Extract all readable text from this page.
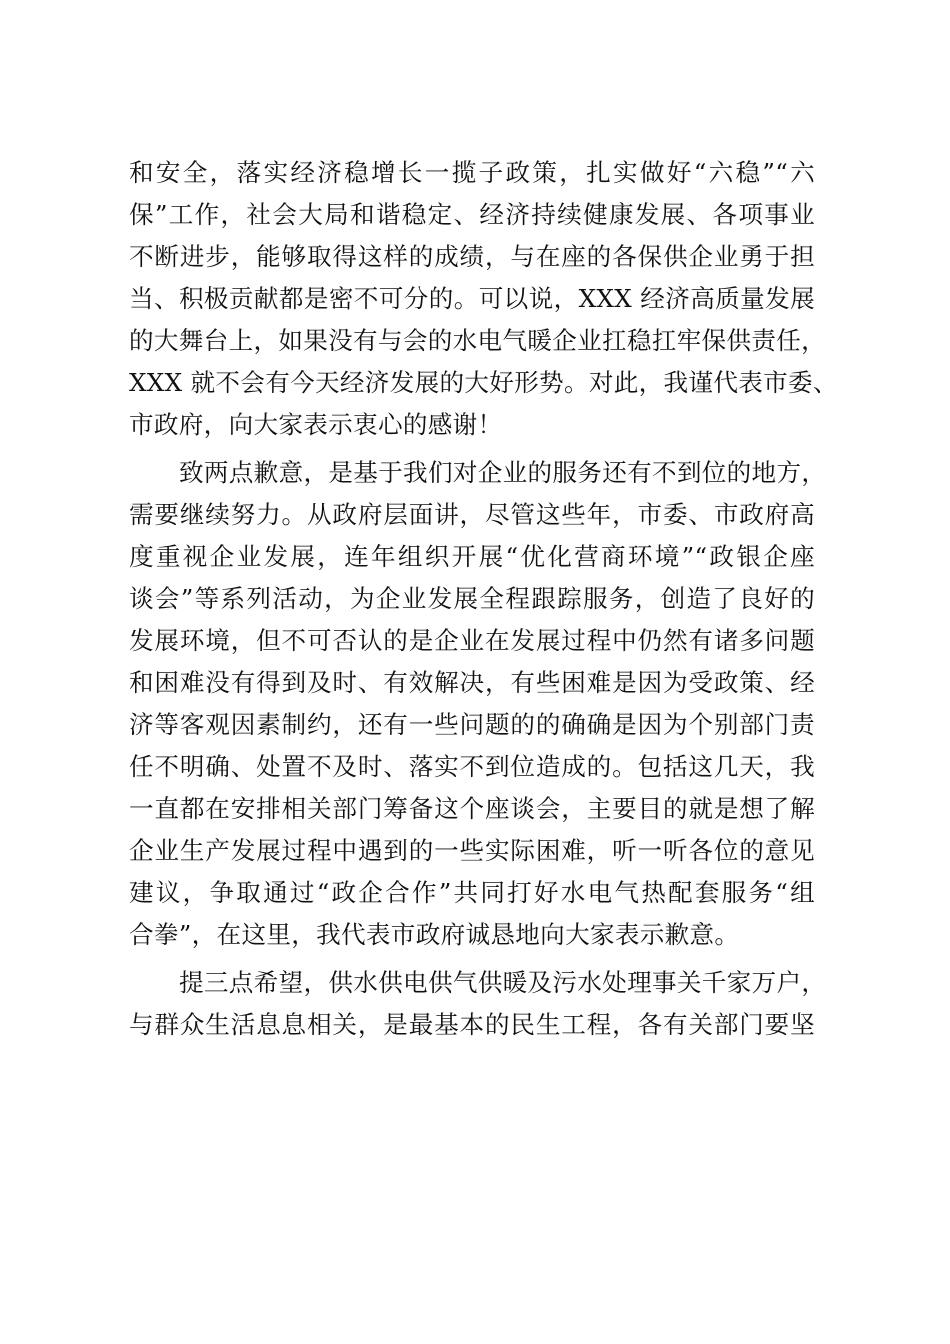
和安全，落实经济稳增长一揽子政策，扎实做好“六稳”“六
保”工作，社会大局和谐稳定、经济持续健康发展、各项事业
不断进步，能够取得这样的成绩，与在座的各保供企业勇于担
当、积极贡献都是密不可分的。可以说，XXX 经济高质量发展
的大舞台上，如果没有与会的水电气暖企业扛稳扛牢保供责任，
XXX 就不会有今天经济发展的大好形势。对此，我谨代表市委、
市政府，向大家表示衷心的感谢！
致两点歉意，是基于我们对企业的服务还有不到位的地方，
需要继续努力。从政府层面讲，尽管这些年，市委、市政府高
度重视企业发展，连年组织开展“优化营商环境”“政银企座
谈会”等系列活动，为企业发展全程跟踪服务，创造了良好的
发展环境，但不可否认的是企业在发展过程中仍然有诸多问题
和困难没有得到及时、有效解决，有些困难是因为受政策、经
济等客观因素制约，还有一些问题的的确确是因为个别部门责
任不明确、处置不及时、落实不到位造成的。包括这几天，我
一直都在安排相关部门筹备这个座谈会，主要目的就是想了解
企业生产发展过程中遇到的一些实际困难，听一听各位的意见
建议，争取通过“政企合作”共同打好水电气热配套服务“组
合拳”，在这里，我代表市政府诚恳地向大家表示歉意。
提三点希望，供水供电供气供暖及污水处理事关千家万户，
与群众生活息息相关，是最基本的民生工程，各有关部门要坚
